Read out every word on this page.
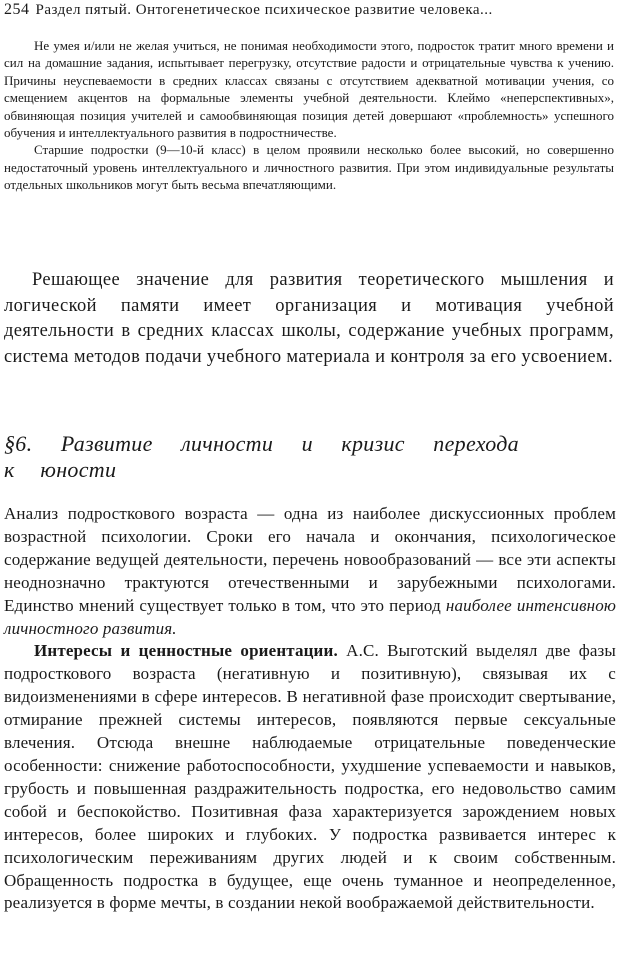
254 Раздел пятый. Онтогенетическое психическое развитие человека...

Не умея и/или не желая учиться, не понимая необходимости этого, подросток тратит много времени и сил на домашние задания, испытывает перегрузку, отсутствие радости и отрицательные чувства к учению. Причины неуспеваемости в средних классах связаны с отсутствием адекватной мотивации учения, со смещением акцентов на формальные элементы учебной деятельности. Клеймо «неперспективных», обвиняющая позиция учителей и самообвиняющая позиция детей довершают «проблемность» успешного обучения и интеллектуального развития в подростничестве.

Старшие подростки (9—10-й класс) в целом проявили несколько более высокий, но совершенно недостаточный уровень интеллектуального и личностного развития. При этом индивидуальные результаты отдельных школьников могут быть весьма впечатляющими.

Решающее значение для развития теоретического мышления и логической памяти имеет организация и мотивация учебной деятельности в средних классах школы, содержание учебных программ, система методов подачи учебного материала и контроля за его усвоением.

§6. Развитие личности и кризис перехода к юности

Анализ подросткового возраста — одна из наиболее дискуссионных проблем возрастной психологии. Сроки его начала и окончания, психологическое содержание ведущей деятельности, перечень новообразований — все эти аспекты неоднозначно трактуются отечественными и зарубежными психологами. Единство мнений существует только в том, что это период наиболее интенсивною личностного развития.

Интересы и ценностные ориентации. А.С. Выготский выделял две фазы подросткового возраста (негативную и позитивную), связывая их с видоизменениями в сфере интересов. В негативной фазе происходит свертывание, отмирание прежней системы интересов, появляются первые сексуальные влечения. Отсюда внешне наблюдаемые отрицательные поведенческие особенности: снижение работоспособности, ухудшение успеваемости и навыков, грубость и повышенная раздражительность подростка, его недовольство самим собой и беспокойство. Позитивная фаза характеризуется зарождением новых интересов, более широких и глубоких. У подростка развивается интерес к психологическим переживаниям других людей и к своим собственным. Обращенность подростка в будущее, еще очень туманное и неопределенное, реализуется в форме мечты, в создании некой воображаемой действительности.
